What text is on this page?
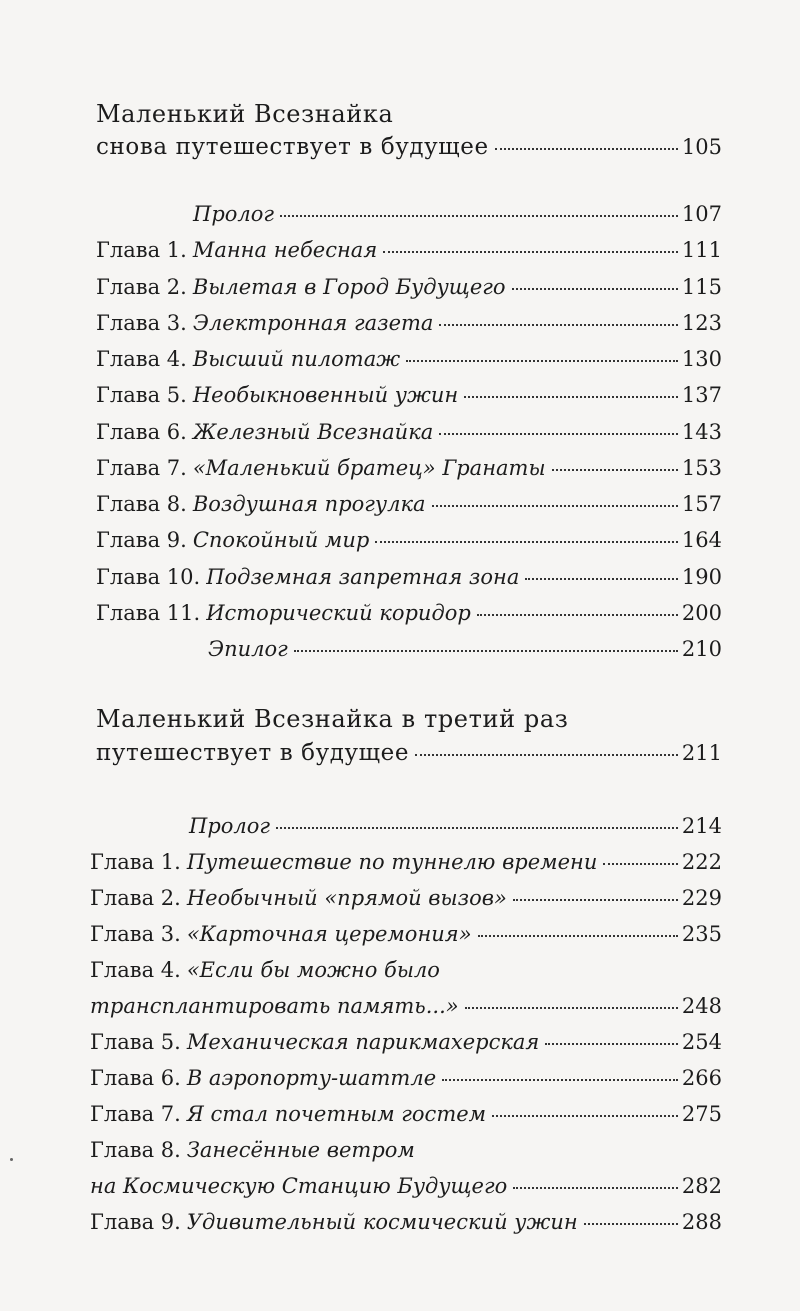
Маленький Всезнайка
снова путешествует в будущее	105
Пролог	107
Глава 1. Манна небесная	111
Глава 2. Вылетая в Город Будущего	115
Глава 3. Электронная газета	123
Глава 4. Высший пилотаж	130
Глава 5. Необыкновенный ужин	137
Глава 6. Железный Всезнайка	143
Глава 7. «Маленький братец» Гранаты	153
Глава 8. Воздушная прогулка	157
Глава 9. Спокойный мир	164
Глава 10. Подземная запретная зона	190
Глава 11. Исторический коридор	200
Эпилог	210
Маленький Всезнайка в третий раз
путешествует в будущее	211
Пролог	214
Глава 1. Путешествие по туннелю времени	222
Глава 2. Необычный «прямой вызов»	229
Глава 3. «Карточная церемония»	235
Глава 4. «Если бы можно было
трансплантировать память...»	248
Глава 5. Механическая парикмахерская	254
Глава 6. В аэропорту-шаттле	266
Глава 7. Я стал почетным гостем	275
Глава 8. Занесённые ветром
на Космическую Станцию Будущего	282
Глава 9. Удивительный космический ужин	288
